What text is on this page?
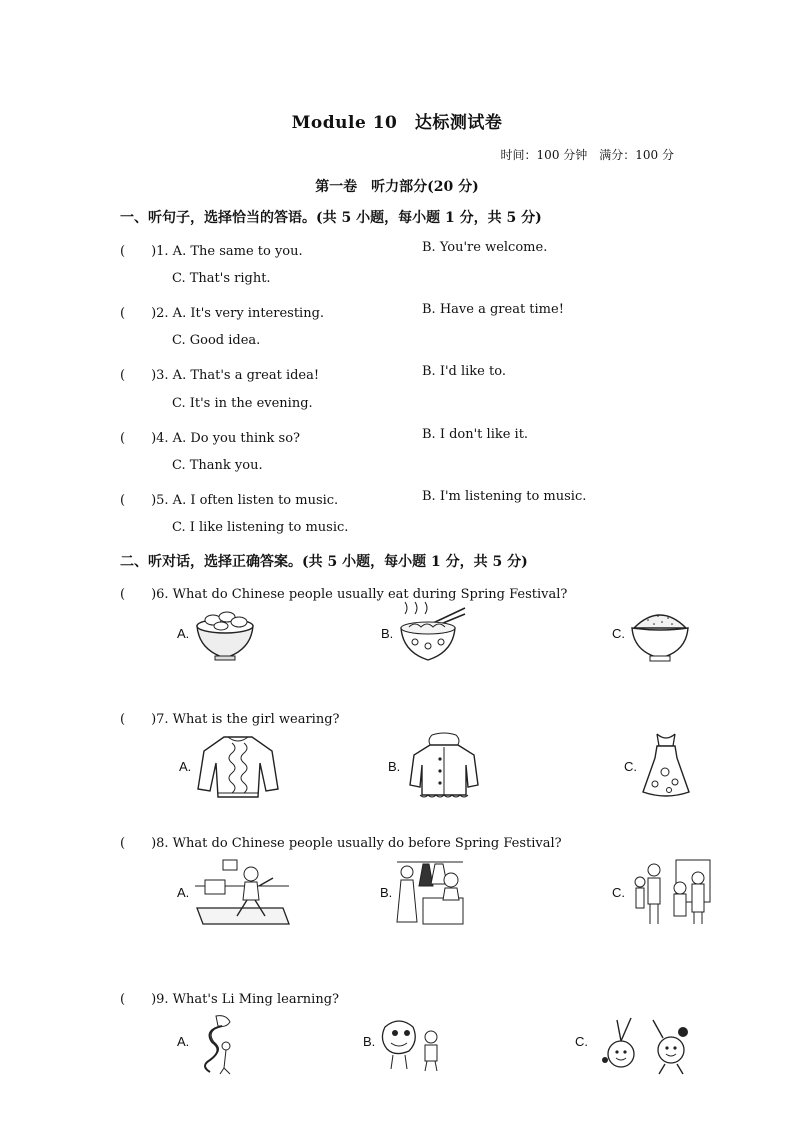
Module 10　达标测试卷
时间：100 分钟　满分：100 分
第一卷　听力部分(20 分)
一、听句子，选择恰当的答语。(共 5 小题，每小题 1 分，共 5 分)
(　　)1. A. The same to you.	B. You're welcome.
C. That's right.
(　　)2. A. It's very interesting.	B. Have a great time!
C. Good idea.
(　　)3. A. That's a great idea!	B. I'd like to.
C. It's in the evening.
(　　)4. A. Do you think so?	B. I don't like it.
C. Thank you.
(　　)5. A. I often listen to music.	B. I'm listening to music.
C. I like listening to music.
二、听对话，选择正确答案。(共 5 小题，每小题 1 分，共 5 分)
(　　)6. What do Chinese people usually eat during Spring Festival?
A.	B.	C.
(　　)7. What is the girl wearing?
A.	B.	C.
(　　)8. What do Chinese people usually do before Spring Festival?
A.	B.	C.
(　　)9. What's Li Ming learning?
A.	B.	C.
